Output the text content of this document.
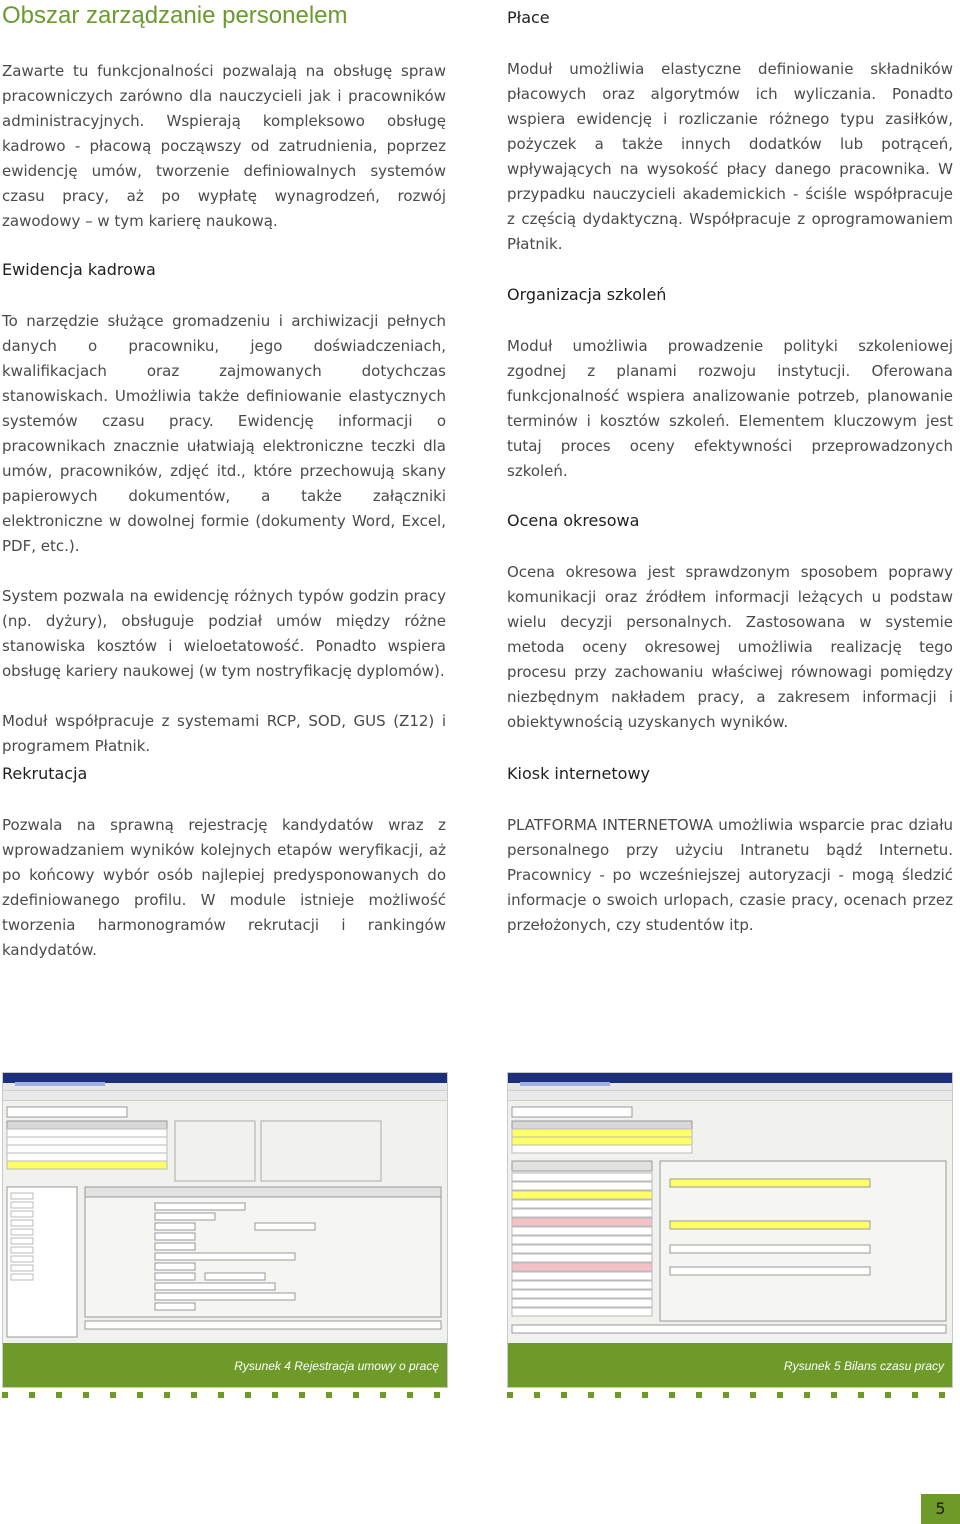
Obszar zarządzanie personelem

Zawarte tu funkcjonalności pozwalają na obsługę spraw pracowniczych zarówno dla nauczycieli jak i pracowników administracyjnych. Wspierają kompleksowo obsługę kadrowo - płacową począwszy od zatrudnienia, poprzez ewidencję umów, tworzenie definiowalnych systemów czasu pracy, aż po wypłatę wynagrodzeń, rozwój zawodowy – w tym karierę naukową.

Płace

Moduł umożliwia elastyczne definiowanie składników płacowych oraz algorytmów ich wyliczania. Ponadto wspiera ewidencję i rozliczanie różnego typu zasiłków, pożyczek a także innych dodatków lub potrąceń, wpływających na wysokość płacy danego pracownika. W przypadku nauczycieli akademickich - ściśle współpracuje z częścią dydaktyczną. Współpracuje z oprogramowaniem Płatnik.

Ewidencja kadrowa

To narzędzie służące gromadzeniu i archiwizacji pełnych danych o pracowniku, jego doświadczeniach, kwalifikacjach oraz zajmowanych dotychczas stanowiskach. Umożliwia także definiowanie elastycznych systemów czasu pracy. Ewidencję informacji o pracownikach znacznie ułatwiają elektroniczne teczki dla umów, pracowników, zdjęć itd., które przechowują skany papierowych dokumentów, a także załączniki elektroniczne w dowolnej formie (dokumenty Word, Excel, PDF, etc.).

System pozwala na ewidencję różnych typów godzin pracy (np. dyżury), obsługuje podział umów między różne stanowiska kosztów i wieloetatowość. Ponadto wspiera obsługę kariery naukowej (w tym nostryfikację dyplomów).

Moduł współpracuje z systemami RCP, SOD, GUS (Z12) i programem Płatnik.

Organizacja szkoleń

Moduł umożliwia prowadzenie polityki szkoleniowej zgodnej z planami rozwoju instytucji. Oferowana funkcjonalność wspiera analizowanie potrzeb, planowanie terminów i kosztów szkoleń. Elementem kluczowym jest tutaj proces oceny efektywności przeprowadzonych szkoleń.

Ocena okresowa

Ocena okresowa jest sprawdzonym sposobem poprawy komunikacji oraz źródłem informacji leżących u podstaw wielu decyzji personalnych. Zastosowana w systemie metoda oceny okresowej umożliwia realizację tego procesu przy zachowaniu właściwej równowagi pomiędzy niezbędnym nakładem pracy, a zakresem informacji i obiektywnością uzyskanych wyników.

Rekrutacja

Pozwala na sprawną rejestrację kandydatów wraz z wprowadzaniem wyników kolejnych etapów weryfikacji, aż po końcowy wybór osób najlepiej predysponowanych do zdefiniowanego profilu. W module istnieje możliwość tworzenia harmonogramów rekrutacji i rankingów kandydatów.

Kiosk internetowy

PLATFORMA INTERNETOWA umożliwia wsparcie prac działu personalnego przy użyciu Intranetu bądź Internetu. Pracownicy - po wcześniejszej autoryzacji - mogą śledzić informacje o swoich urlopach, czasie pracy, ocenach przez przełożonych, czy studentów itp.

Rysunek 4 Rejestracja umowy o pracę	Rysunek 5 Bilans czasu pracy
5
